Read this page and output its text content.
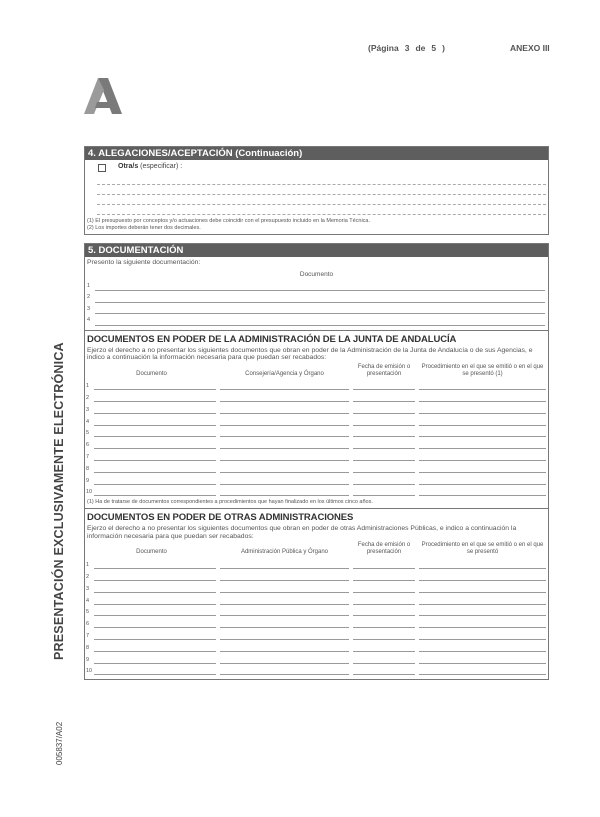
(Página 3 de 5 )	ANEXO III
PRESENTACIÓN EXCLUSIVAMENTE ELECTRÓNICA
005837/A02
4. ALEGACIONES/ACEPTACIÓN (Continuación)
Otra/s (especificar) :
(1) El presupuesto por conceptos y/o actuaciones debe coincidir con el presupuesto incluido en la Memoria Técnica.
(2) Los importes deberán tener dos decimales.
5. DOCUMENTACIÓN
Presento la siguiente documentación:
Documento
1
2
3
4
DOCUMENTOS EN PODER DE LA ADMINISTRACIÓN DE LA JUNTA DE ANDALUCÍA
Ejerzo el derecho a no presentar los siguientes documentos que obran en poder de la Administración de la Junta de Andalucía o de sus Agencias, e indico a continuación la información necesaria para que puedan ser recabados:
Documento	Consejería/Agencia y Órgano	Fecha de emisión o presentación	Procedimiento en el que se emitió o en el que se presentó (1)

1			

2			

3			

4			

5			

6			

7			

8			

9			

10			

(1) Ha de tratarse de documentos correspondientes a procedimientos que hayan finalizado en los últimos cinco años.
DOCUMENTOS EN PODER DE OTRAS ADMINISTRACIONES
Ejerzo el derecho a no presentar los siguientes documentos que obran en poder de otras Administraciones Públicas, e indico a continuación la información necesaria para que puedan ser recabados:
Documento	Administración Pública y Órgano	Fecha de emisión o presentación	Procedimiento en el que se emitió o en el que se presentó

1			

2			

3			

4			

5			

6			

7			

8			

9			

10			
